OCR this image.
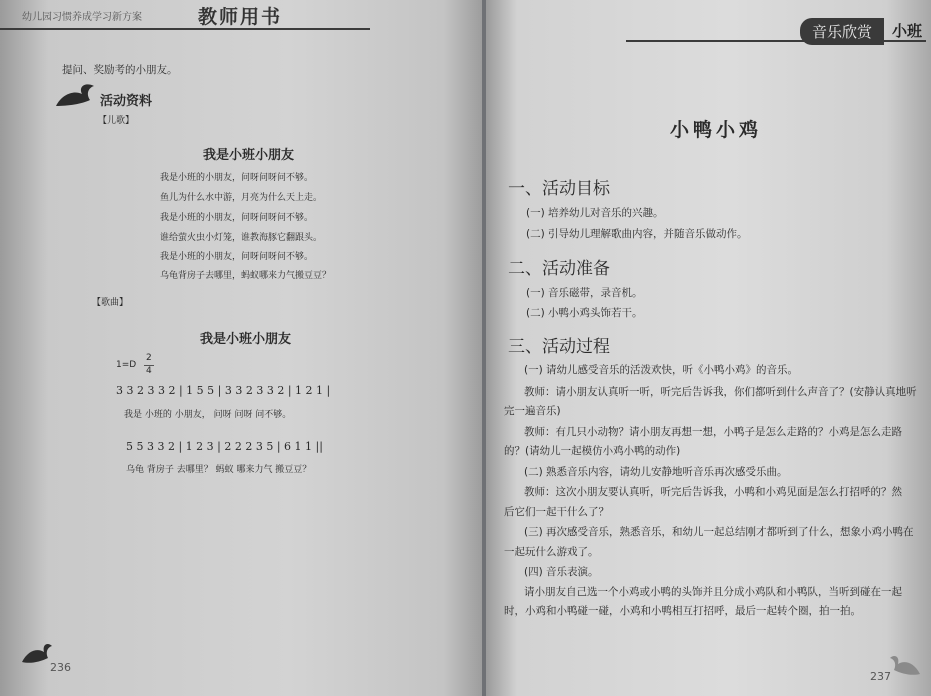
幼儿园习惯养成学习新方案	教师用书
提问、奖励考的小朋友。
活动资料
【儿歌】
我是小班小朋友
我是小班的小朋友，问呀问呀问不够。
鱼儿为什么水中游，月亮为什么天上走。
我是小班的小朋友，问呀问呀问不够。
谁给萤火虫小灯笼，谁教海豚它翻跟头。
我是小班的小朋友，问呀问呀问不够。
乌龟背房子去哪里，蚂蚁哪来力气搬豆豆？
【歌曲】
我是小班小朋友
1=D
2
4
3 3 2 3 3 2 | 1 5 5 | 3 3 2 3 3 2 | 1 2 1 |
我是 小班的 小朋友， 问呀 问呀 问不够。
5 5 3 3 2 | 1 2 3 | 2 2 2 3 5 | 6 1 1 ||
乌龟 背房子 去哪里？ 蚂蚁 哪来力气 搬豆豆？
236
音乐欣赏	小班
小鸭小鸡
一、活动目标
(一) 培养幼儿对音乐的兴趣。
(二) 引导幼儿理解歌曲内容，并随音乐做动作。
二、活动准备
(一) 音乐磁带，录音机。
(二) 小鸭小鸡头饰若干。
三、活动过程
(一) 请幼儿感受音乐的活泼欢快，听《小鸭小鸡》的音乐。
教师：请小朋友认真听一听，听完后告诉我，你们都听到什么声音了？(安静认真地听
完一遍音乐)
教师：有几只小动物？请小朋友再想一想，小鸭子是怎么走路的？小鸡是怎么走路
的？(请幼儿一起模仿小鸡小鸭的动作)
(二) 熟悉音乐内容，请幼儿安静地听音乐再次感受乐曲。
教师：这次小朋友要认真听，听完后告诉我，小鸭和小鸡见面是怎么打招呼的？然
后它们一起干什么了？
(三) 再次感受音乐，熟悉音乐，和幼儿一起总结刚才都听到了什么，想象小鸡小鸭在
一起玩什么游戏了。
(四) 音乐表演。
请小朋友自己选一个小鸡或小鸭的头饰并且分成小鸡队和小鸭队，当听到碰在一起
时，小鸡和小鸭碰一碰，小鸡和小鸭相互打招呼，最后一起转个圈，拍一拍。
237
